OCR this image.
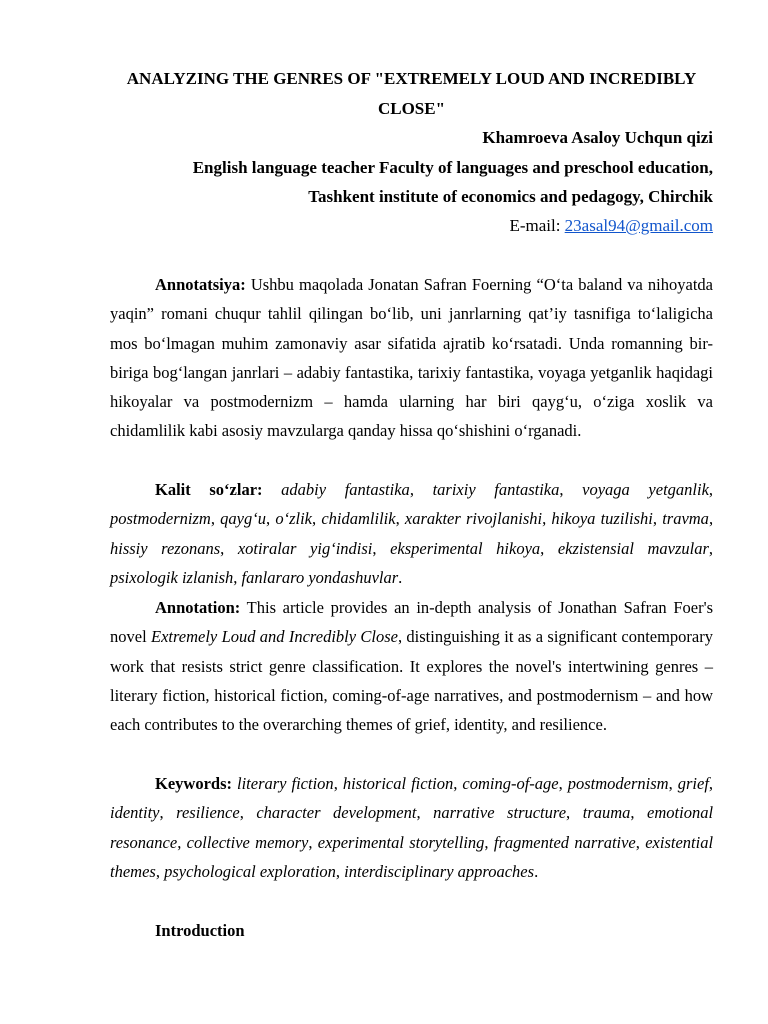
ANALYZING THE GENRES OF "EXTREMELY LOUD AND INCREDIBLY CLOSE"
Khamroeva Asaloy Uchqun qizi
English language teacher Faculty of languages and preschool education,
Tashkent institute of economics and pedagogy, Chirchik
E-mail: 23asal94@gmail.com

Annotatsiya: Ushbu maqolada Jonatan Safran Foerning “O‘ta baland va nihoyatda yaqin” romani chuqur tahlil qilingan bo‘lib, uni janrlarning qat’iy tasnifiga to‘laligicha mos bo‘lmagan muhim zamonaviy asar sifatida ajratib ko‘rsatadi. Unda romanning bir-biriga bog‘langan janrlari – adabiy fantastika, tarixiy fantastika, voyaga yetganlik haqidagi hikoyalar va postmodernizm – hamda ularning har biri qayg‘u, o‘ziga xoslik va chidamlilik kabi asosiy mavzularga qanday hissa qo‘shishini o‘rganadi.

Kalit so‘zlar: adabiy fantastika, tarixiy fantastika, voyaga yetganlik, postmodernizm, qayg‘u, o‘zlik, chidamlilik, xarakter rivojlanishi, hikoya tuzilishi, travma, hissiy rezonans, xotiralar yig‘indisi, eksperimental hikoya, ekzistensial mavzular, psixologik izlanish, fanlararo yondashuvlar.

Annotation: This article provides an in-depth analysis of Jonathan Safran Foer's novel Extremely Loud and Incredibly Close, distinguishing it as a significant contemporary work that resists strict genre classification. It explores the novel's intertwining genres – literary fiction, historical fiction, coming-of-age narratives, and postmodernism – and how each contributes to the overarching themes of grief, identity, and resilience.

Keywords: literary fiction, historical fiction, coming-of-age, postmodernism, grief, identity, resilience, character development, narrative structure, trauma, emotional resonance, collective memory, experimental storytelling, fragmented narrative, existential themes, psychological exploration, interdisciplinary approaches.

Introduction
